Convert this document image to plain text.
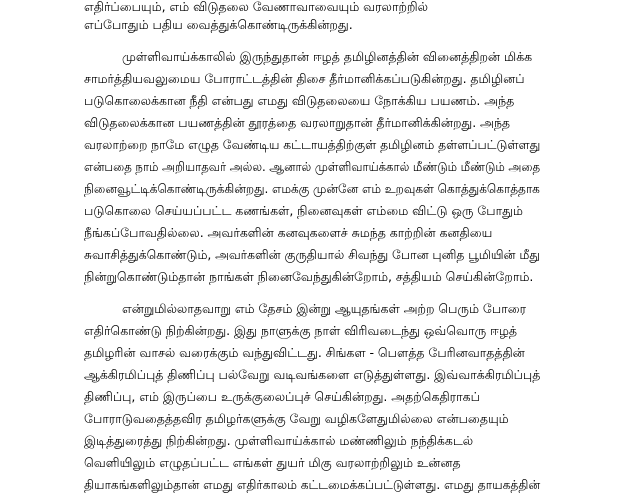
எதிர்ப்பையும், எம் விடுதலை வேணாவாவையும் வரலாற்றில்
எப்போதும் பதிய வைத்துக்கொண்டிருக்கின்றது.
முள்ளிவாய்க்காலில் இருந்துதான் ஈழத் தமிழினத்தின் வினைத்திறன் மிக்க
சாமர்த்தியவலுமைய போராட்டத்தின் திசை தீர்மானிக்கப்படுகின்றது. தமிழினப்
படுகொலைக்கான நீதி என்பது எமது விடுதலையை நோக்கிய பயணம். அந்த
விடுதலைக்கான பயணத்தின் தூரத்தை வரலாறுதான் தீர்மானிக்கின்றது. அந்த
வரலாற்றை நாமே எழுத வேண்டிய கட்டாயத்திற்குள் தமிழினம் தள்ளப்பட்டுள்ளது
என்பதை நாம் அறியாதவர் அல்ல. ஆனால் முள்ளிவாய்க்கால் மீண்டும் மீண்டும் அதை
நினைவூட்டிக்கொண்டிருக்கின்றது. எமக்கு முன்னே எம் உறவுகள் கொத்துக்கொத்தாக
படுகொலை செய்யப்பட்ட கணங்கள், நினைவுகள் எம்மை விட்டு ஒரு போதும்
நீங்கப்போவதில்லை. அவர்களின் கனவுகளைச் சுமந்த காற்றின் கனதியை
சுவாசித்துக்கொண்டும், அவர்களின் குருதியால் சிவந்து போன புனித பூமியின் மீது
நின்றுகொண்டும்தான் நாங்கள் நினைவேந்துகின்றோம், சத்தியம் செய்கின்றோம்.
என்றுமில்லாதவாறு எம் தேசம் இன்று ஆயுதங்கள் அற்ற பெரும் போரை
எதிர்கொண்டு நிற்கின்றது. இது நாளுக்கு நாள் விரிவடைந்து ஒவ்வொரு ஈழத்
தமிழரின் வாசல் வரைக்கும் வந்துவிட்டது. சிங்கள - பௌத்த பேரினவாதத்தின்
ஆக்கிரமிப்புத் திணிப்பு பல்வேறு வடிவங்களை எடுத்துள்ளது. இவ்வாக்கிரமிப்புத்
திணிப்பு, எம் இருப்பை உருக்குலைப்புச் செய்கின்றது. அதற்கெதிராகப்
போராடுவதைத்தவிர தமிழர்களுக்கு வேறு வழிகளேதுமில்லை என்பதையும்
இடித்துரைத்து நிற்கின்றது. முள்ளிவாய்க்கால் மண்ணிலும் நந்திக்கடல்
வெளியிலும் எழுதப்பட்ட எங்கள் துயர் மிகு வரலாற்றிலும் உன்னத
தியாகங்களிலும்தான் எமது எதிர்காலம் கட்டமைக்கப்பட்டுள்ளது. எமது தாயகத்தின்
